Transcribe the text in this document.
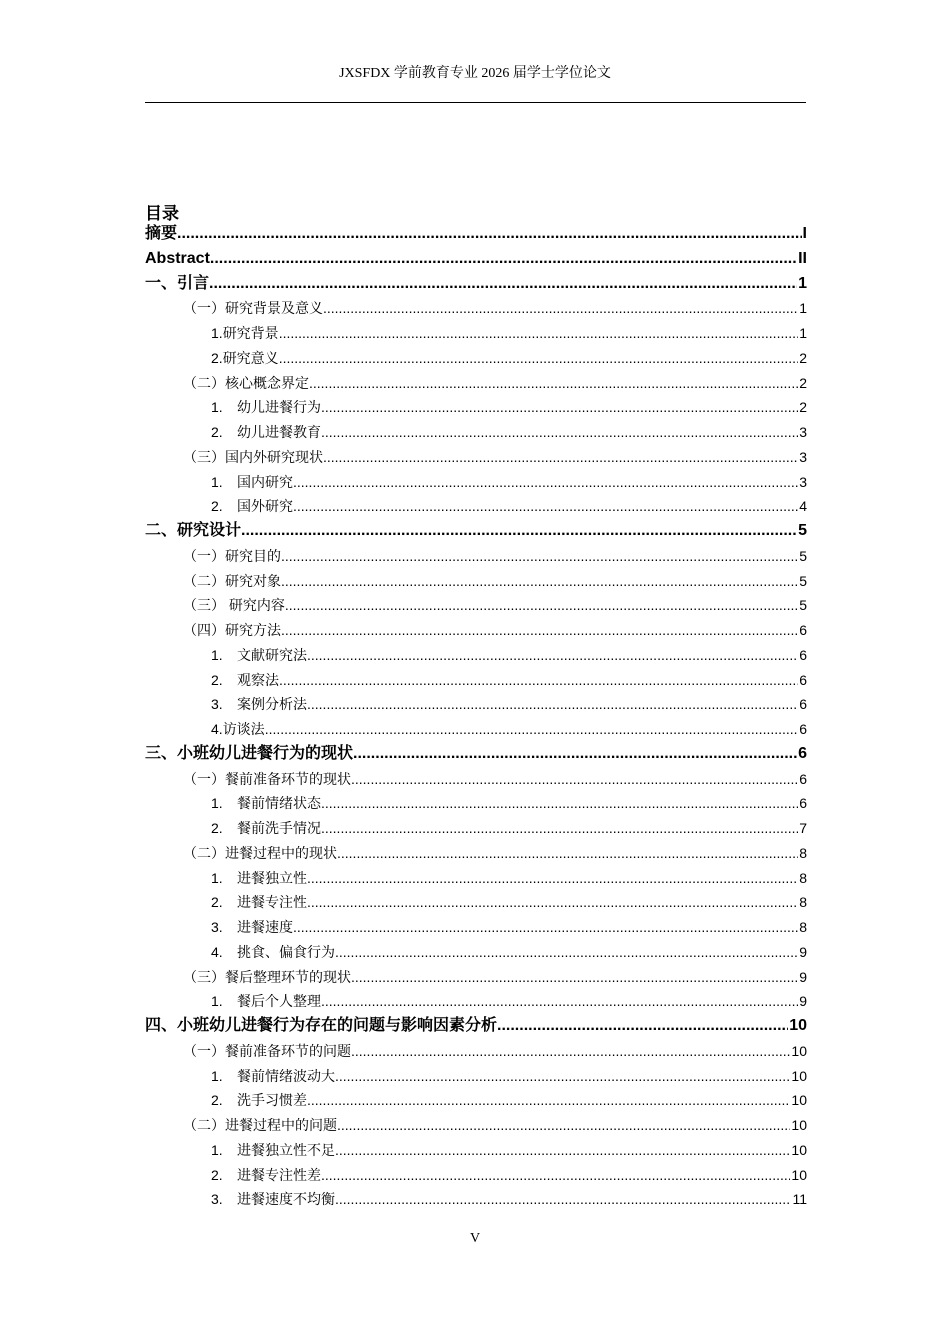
JXSFDX 学前教育专业 2026 届学士学位论文
目录
摘要 .....	I
Abstract .....	II
一、引言 .....	1
（一）研究背景及意义 .....	1
1.研究背景 .....	1
2.研究意义 .....	2
（二）核心概念界定 .....	2
1. 幼儿进餐行为 .....	2
2. 幼儿进餐教育 .....	3
（三）国内外研究现状 .....	3
1. 国内研究 .....	3
2. 国外研究 .....	4
二、研究设计 .....	5
（一）研究目的 .....	5
（二）研究对象 .....	5
（三） 研究内容 .....	5
（四）研究方法 .....	6
1. 文献研究法 .....	6
2. 观察法 .....	6
3. 案例分析法 .....	6
4.访谈法 .....	6
三、小班幼儿进餐行为的现状 .....	6
（一）餐前准备环节的现状 .....	6
1. 餐前情绪状态 .....	6
2. 餐前洗手情况 .....	7
（二）进餐过程中的现状 .....	8
1. 进餐独立性 .....	8
2. 进餐专注性 .....	8
3. 进餐速度 .....	8
4. 挑食、偏食行为 .....	9
（三）餐后整理环节的现状 .....	9
1. 餐后个人整理 .....	9
四、小班幼儿进餐行为存在的问题与影响因素分析 .....	10
（一）餐前准备环节的问题 .....	10
1. 餐前情绪波动大 .....	10
2. 洗手习惯差 .....	10
（二）进餐过程中的问题 .....	10
1. 进餐独立性不足 .....	10
2. 进餐专注性差 .....	10
3. 进餐速度不均衡 .....	11
V
